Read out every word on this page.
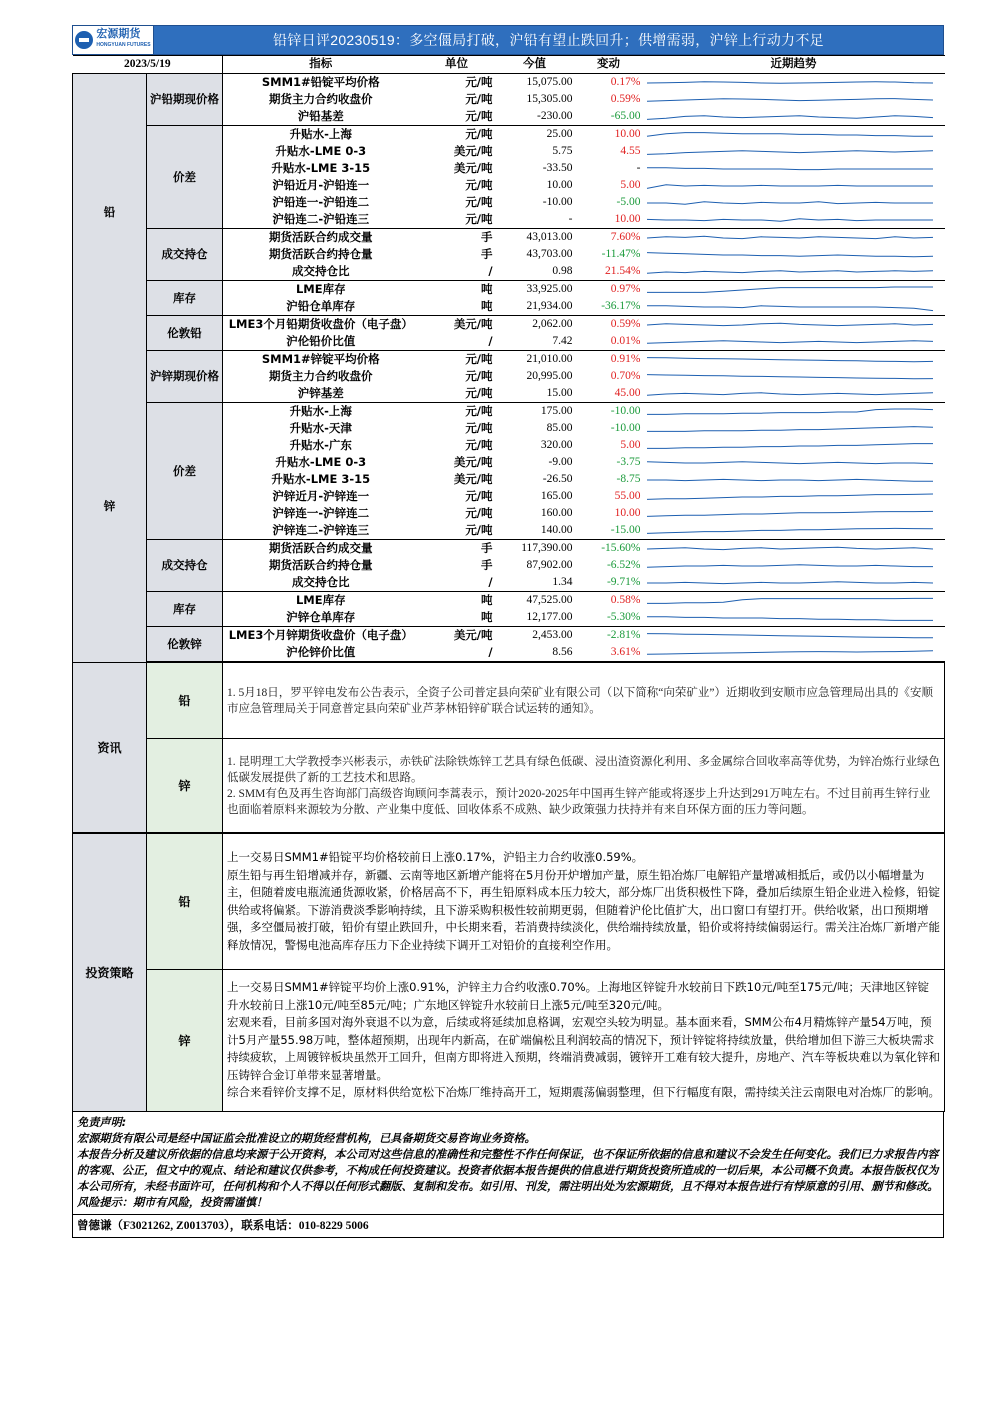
宏源期货
HONGYUAN FUTURES	铅锌日评20230519：多空僵局打破，沪铅有望止跌回升；供增需弱，沪锌上行动力不足
2023/5/19		指标	单位	今值	变动	近期趋势
铅	沪铅期现价格	SMM1#铅锭平均价格	元/吨	15,075.00	0.17%	

		期货主力合约收盘价	元/吨	15,305.00	0.59%	

		沪铅基差	元/吨	-230.00	-65.00	

	价差	升贴水-上海	元/吨	25.00	10.00	

		升贴水-LME 0-3	美元/吨	5.75	4.55	

		升贴水-LME 3-15	美元/吨	-33.50	-	

		沪铅近月-沪铅连一	元/吨	10.00	5.00	

		沪铅连一-沪铅连二	元/吨	-10.00	-5.00	

		沪铅连二-沪铅连三	元/吨	-	10.00	

	成交持仓	期货活跃合约成交量	手	43,013.00	7.60%	

		期货活跃合约持仓量	手	43,703.00	-11.47%	

		成交持仓比	/	0.98	21.54%	

	库存	LME库存	吨	33,925.00	0.97%	

		沪铅仓单库存	吨	21,934.00	-36.17%	

	伦敦铅	LME3个月铅期货收盘价（电子盘）	美元/吨	2,062.00	0.59%	

		沪伦铅价比值	/	7.42	0.01%	

锌	沪锌期现价格	SMM1#锌锭平均价格	元/吨	21,010.00	0.91%	

		期货主力合约收盘价	元/吨	20,995.00	0.70%	

		沪锌基差	元/吨	15.00	45.00	

	价差	升贴水-上海	元/吨	175.00	-10.00	

		升贴水-天津	元/吨	85.00	-10.00	

		升贴水-广东	元/吨	320.00	5.00	

		升贴水-LME 0-3	美元/吨	-9.00	-3.75	

		升贴水-LME 3-15	美元/吨	-26.50	-8.75	

		沪锌近月-沪锌连一	元/吨	165.00	55.00	

		沪锌连一-沪锌连二	元/吨	160.00	10.00	

		沪锌连二-沪锌连三	元/吨	140.00	-15.00	

	成交持仓	期货活跃合约成交量	手	117,390.00	-15.60%	

		期货活跃合约持仓量	手	87,902.00	-6.52%	

		成交持仓比	/	1.34	-9.71%	

	库存	LME库存	吨	47,525.00	0.58%	

		沪锌仓单库存	吨	12,177.00	-5.30%	

	伦敦锌	LME3个月锌期货收盘价（电子盘）	美元/吨	2,453.00	-2.81%	

		沪伦锌价比值	/	8.56	3.61%	
资讯	铅	1. 5月18日，罗平锌电发布公告表示，全资子公司普定县向荣矿业有限公司（以下简称“向荣矿业”）近期收到安顺市应急管理局出具的《安顺市应急管理局关于同意普定县向荣矿业芦茅林铅锌矿联合试运转的通知》。

	锌	1. 昆明理工大学教授李兴彬表示，赤铁矿法除铁炼锌工艺具有绿色低碳、浸出渣资源化利用、多金属综合回收率高等优势，为锌冶炼行业绿色低碳发展提供了新的工艺技术和思路。

2. SMM有色及再生咨询部门高级咨询顾问李蒿表示，预计2020-2025年中国再生锌产能或将逐步上升达到291万吨左右。不过目前再生锌行业也面临着原料来源较为分散、产业集中度低、回收体系不成熟、缺少政策强力扶持并有来自环保方面的压力等问题。

投资策略	铅	上一交易日SMM1#铅锭平均价格较前日上涨0.17%，沪铅主力合约收涨0.59%。

原生铅与再生铅增减并存，新疆、云南等地区新增产能将在5月份开炉增加产量，原生铅冶炼厂电解铅产量增减相抵后，或仍以小幅增量为主，但随着废电瓶流通货源收紧，价格居高不下，再生铅原料成本压力较大，部分炼厂出货积极性下降，叠加后续原生铅企业进入检修，铅锭供给或将偏紧。下游消费淡季影响持续，且下游采购积极性较前期更弱，但随着沪伦比值扩大，出口窗口有望打开。供给收紧，出口预期增强，多空僵局被打破，铅价有望止跌回升，中长期来看，若消费持续淡化，供给端持续放量，铅价或将持续偏弱运行。需关注冶炼厂新增产能释放情况，警惕电池高库存压力下企业持续下调开工对铅价的直接利空作用。

	锌	上一交易日SMM1#锌锭平均价上涨0.91%，沪锌主力合约收涨0.70%。上海地区锌锭升水较前日下跌10元/吨至175元/吨；天津地区锌锭升水较前日上涨10元/吨至85元/吨；广东地区锌锭升水较前日上涨5元/吨至320元/吨。

宏观来看，目前多国对海外衰退不以为意，后续或将延续加息格调，宏观空头较为明显。基本面来看，SMM公布4月精炼锌产量54万吨，预计5月产量55.98万吨，整体超预期，出现年内新高，在矿端偏松且利润较高的情况下，预计锌锭将持续放量，供给增加但下游三大板块需求持续疲软，上周镀锌板块虽然开工回升，但南方即将进入预期，终端消费减弱，镀锌开工难有较大提升，房地产、汽车等板块难以为氧化锌和压铸锌合金订单带来显著增量。

综合来看锌价支撑不足，原材料供给宽松下冶炼厂维持高开工，短期震荡偏弱整理，但下行幅度有限，需持续关注云南限电对冶炼厂的影响。

免责声明:

宏源期货有限公司是经中国证监会批准设立的期货经营机构，已具备期货交易咨询业务资格。

本报告分析及建议所依据的信息均来源于公开资料，本公司对这些信息的准确性和完整性不作任何保证，也不保证所依据的信息和建议不会发生任何变化。我们已力求报告内容的客观、公正，但文中的观点、结论和建议仅供参考，不构成任何投资建议。投资者依据本报告提供的信息进行期货投资所造成的一切后果，本公司概不负责。本报告版权仅为本公司所有，未经书面许可，任何机构和个人不得以任何形式翻版、复制和发布。如引用、刊发，需注明出处为宏源期货，且不得对本报告进行有悖原意的引用、删节和修改。

风险提示：期市有风险，投资需谨慎！

曾德谦（F3021262, Z0013703），联系电话：010-8229 5006
